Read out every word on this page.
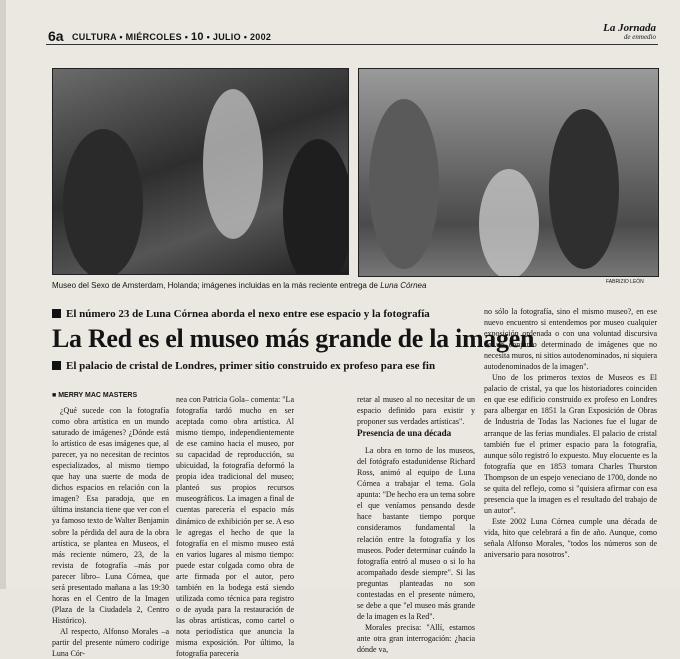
6a CULTURA • MIÉRCOLES • 10 • JULIO • 2002
La Jornada
de enmedio
Museo del Sexo de Amsterdam, Holanda; imágenes incluidas en la más reciente entrega de Luna Córnea	FABRIZIO LEÓN
El número 23 de Luna Córnea aborda el nexo entre ese espacio y la fotografía
La Red es el museo más grande de la imagen
El palacio de cristal de Londres, primer sitio construido ex profeso para ese fin
■ MERRY MAC MASTERS

¿Qué sucede con la fotografía como obra artística en un mundo saturado de imágenes? ¿Dónde está lo artístico de esas imágenes que, al parecer, ya no necesitan de recintos especializados, al mismo tiempo que hay una suerte de moda de dichos espacios en relación con la imagen? Esa paradoja, que en última instancia tiene que ver con el ya famoso texto de Walter Benjamin sobre la pérdida del aura de la obra artística, se plantea en Museos, el más reciente número, 23, de la revista de fotografía –más por parecer libro– Luna Córnea, que será presentado mañana a las 19:30 horas en el Centro de la Imagen (Plaza de la Ciudadela 2, Centro Histórico).

Al respecto, Alfonso Morales –a partir del presente número codirige Luna Cór-

nea con Patricia Gola– comenta: "La fotografía tardó mucho en ser aceptada como obra artística. Al mismo tiempo, independientemente de ese camino hacia el museo, por su capacidad de reproducción, su ubicuidad, la fotografía deformó la propia idea tradicional del museo; planteó sus propios recursos museográficos. La imagen a final de cuentas parecería el espacio más dinámico de exhibición per se. A eso le agregas el hecho de que la fotografía en el mismo museo está en varios lugares al mismo tiempo: puede estar colgada como obra de arte firmada por el autor, pero también en la bodega está siendo utilizada como técnica para registro o de ayuda para la restauración de las obras artísticas, como cartel o nota periodística que anuncia la misma exposición. Por último, la fotografía parecería

retar al museo al no necesitar de un espacio definido para existir y proponer sus verdades artísticas".

La obra en torno de los museos, del fotógrafo estadunidense Richard Ross, animó al equipo de Luna Córnea a trabajar el tema. Gola apunta: "De hecho era un tema sobre el que veníamos pensando desde hace bastante tiempo porque consideramos fundamental la relación entre la fotografía y los museos. Poder determinar cuándo la fotografía entró al museo o si lo ha acompañado desde siempre". Si las preguntas planteadas no son contestadas en el presente número, se debe a que "el museo más grande de la imagen es la Red".

Morales precisa: "Allí, estamos ante otra gran interrogación: ¿hacia dónde va,

Presencia de una década

no sólo la fotografía, sino el mismo museo?, en ese nuevo encuentro si entendemos por museo cualquier exposición ordenada o con una voluntad discursiva de un conjunto determinado de imágenes que no necesita muros, ni sitios autodenominados, ni siquiera autodenominados de la imagen".

Uno de los primeros textos de Museos es El palacio de cristal, ya que los historiadores coinciden en que ese edificio construido ex profeso en Londres para albergar en 1851 la Gran Exposición de Obras de Industria de Todas las Naciones fue el lugar de arranque de las ferias mundiales. El palacio de cristal también fue el primer espacio para la fotografía, aunque sólo registró lo expuesto. Muy elocuente es la fotografía que en 1853 tomara Charles Thurston Thompson de un espejo veneciano de 1700, donde no se quita del reflejo, como si "quisiera afirmar con esa presencia que la imagen es el resultado del trabajo de un autor".

Este 2002 Luna Córnea cumple una década de vida, hito que celebrará a fin de año. Aunque, como señala Alfonso Morales, "todos los números son de aniversario para nosotros".
